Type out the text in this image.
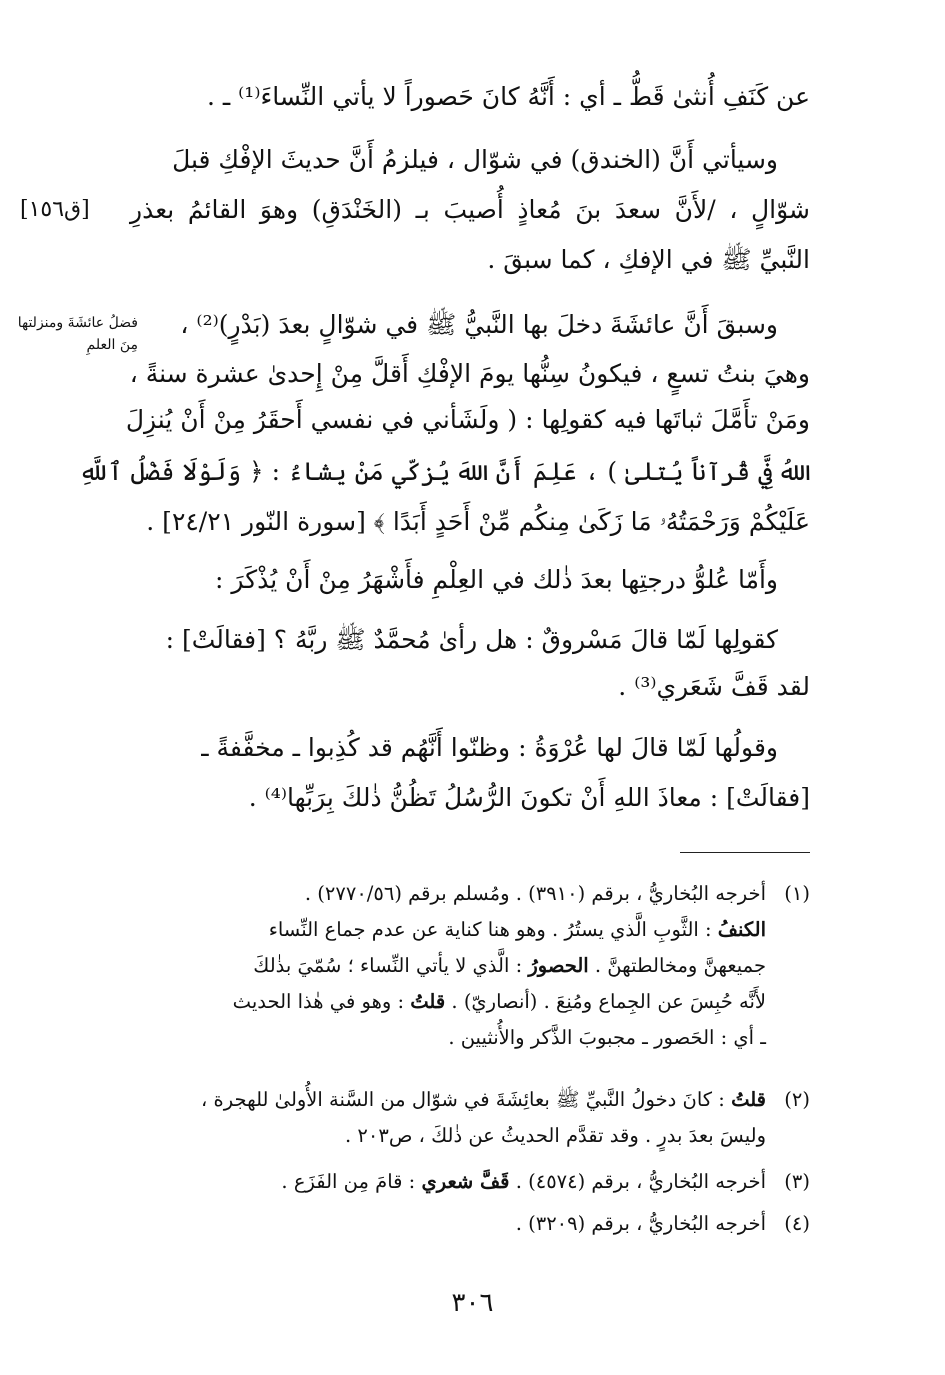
عن كَنَفِ أُنثىٰ قَطُّ ـ أي : أَنَّهُ كانَ حَصوراً لا يأتي النِّساءَ⁽¹⁾ ـ .
وسيأتي أَنَّ (الخندق) في شوّال ، فيلزمُ أَنَّ حديثَ الإفْكِ قبلَ
شوّالٍ ، /لأَنَّ سعدَ بنَ مُعاذٍ أُصيبَ بـ (الخَنْدَقِ) وهوَ القائمُ بعذرِ
النَّبيِّ ﷺ في الإفكِ ، كما سبقَ .
وسبقَ أَنَّ عائشَةَ دخلَ بها النَّبيُّ ﷺ في شوّالٍ بعدَ (بَدْرٍ)⁽²⁾ ،
وهيَ بنتُ تسعٍ ، فيكونُ سِنُّها يومَ الإفْكِ أَقلَّ مِنْ إِحدىٰ عشرة سنةً ،
ومَنْ تأَمَّلَ ثباتَها فيه كقولِها : ( ولَشَأني في نفسي أَحقَرُ مِنْ أَنْ يُنزِلَ
اللهُ فِيَّ قُرآناً يُتلىٰ ) ، عَلِمَ أَنَّ اللهَ يُزكّي مَنْ يشاءُ : ﴿ وَلَوْلَا فَضْلُ ٱللَّهِ
عَلَيْكُمْ وَرَحْمَتُهُۥ مَا زَكَىٰ مِنكُم مِّنْ أَحَدٍ أَبَدًا ﴾ [سورة النّور ٢٤/٢١] .
وأَمّا عُلوُّ درجتِها بعدَ ذٰلك في العِلْمِ فأَشْهَرُ مِنْ أَنْ يُذْكَرَ :
كقولِها لَمّا قالَ مَسْروقٌ : هل رأىٰ مُحمَّدٌ ﷺ ربَّهُ ؟ [فقالَتْ] :
لقد قَفَّ شَعَري⁽³⁾ .
وقولُها لَمّا قالَ لها عُرْوَةُ : وظنّوا أَنَّهُم قد كُذِبوا ـ مخفَّفةً ـ
[فقالَتْ] : معاذَ اللهِ أَنْ تكونَ الرُّسُلُ تَظُنُّ ذٰلكَ بِرَبِّها⁽⁴⁾ .
[ق١٥٦]
فضلُ عائشَةَ ومنزلتها
مِنَ العلمِ
(١)أخرجه البُخاريُّ ، برقم (٣٩١٠) . ومُسلم برقم (٢٧٧٠/٥٦) .
الكنفُ : الثَّوبِ الَّذي يستُرُ . وهو هنا كناية عن عدم جماع النِّساء
جميعهنَّ ومخالطتهنَّ . الحصورُ : الَّذي لا يأتي النِّساء ؛ سُمّيَ بذٰلكَ
لأَنَّه حُبِسَ عن الجِماع ومُنِعَ . (أنصاريّ) . قلتُ : وهو في هٰذا الحديث
ـ أي : الحَصور ـ مجبوبَ الذَّكر والأُنثيين .
(٢)قلتُ : كانَ دخولُ النَّبيِّ ﷺ بعائِشَةَ في شوّال من السَّنة الأُولىٰ للهجرة ،
وليسَ بعدَ بدرٍ . وقد تقدَّم الحديثُ عن ذٰلكَ ، ص٢٠٣ .
(٣)أخرجه البُخاريُّ ، برقم (٤٥٧٤) . قَفَّ شعري : قامَ مِن الفَزَع .
(٤)أخرجه البُخاريُّ ، برقم (٣٢٠٩) .
٣٠٦
